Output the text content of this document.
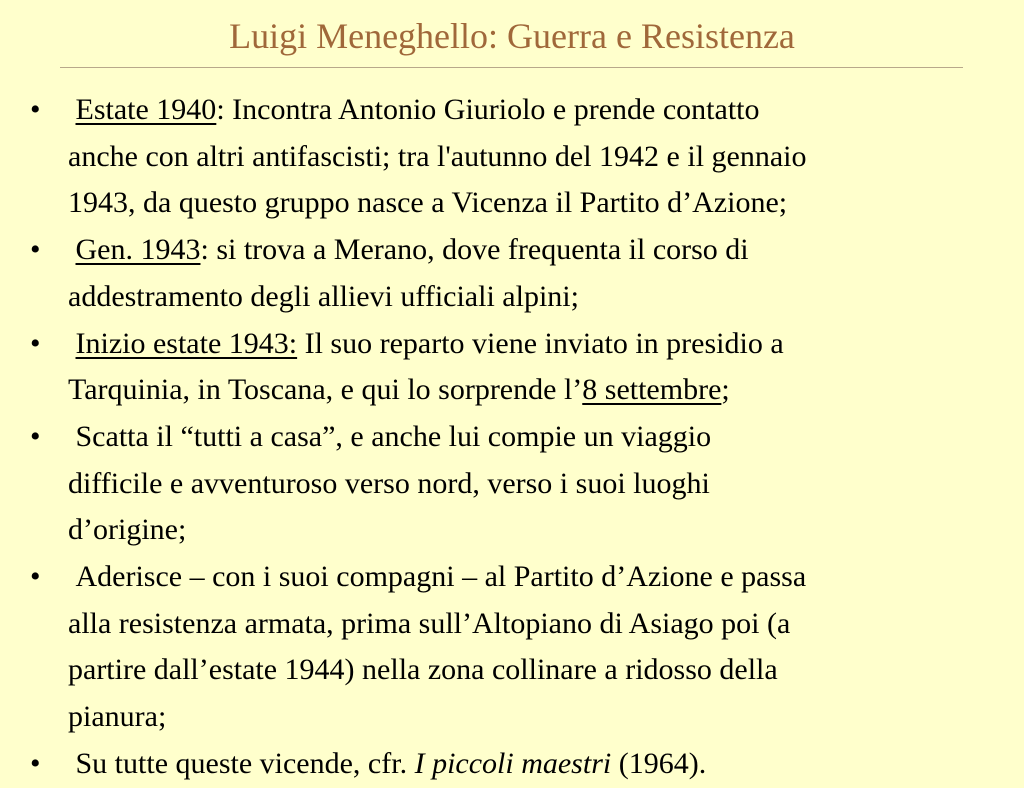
Luigi Meneghello: Guerra e Resistenza
• Estate 1940: Incontra Antonio Giuriolo e prende contatto
anche con altri antifascisti; tra l'autunno del 1942 e il gennaio
1943, da questo gruppo nasce a Vicenza il Partito d’Azione;
• Gen. 1943: si trova a Merano, dove frequenta il corso di
addestramento degli allievi ufficiali alpini;
• Inizio estate 1943: Il suo reparto viene inviato in presidio a
Tarquinia, in Toscana, e qui lo sorprende l’8 settembre;
• Scatta il “tutti a casa”, e anche lui compie un viaggio
difficile e avventuroso verso nord, verso i suoi luoghi
d’origine;
• Aderisce – con i suoi compagni – al Partito d’Azione e passa
alla resistenza armata, prima sull’Altopiano di Asiago poi (a
partire dall’estate 1944) nella zona collinare a ridosso della
pianura;
• Su tutte queste vicende, cfr. I piccoli maestri (1964).
